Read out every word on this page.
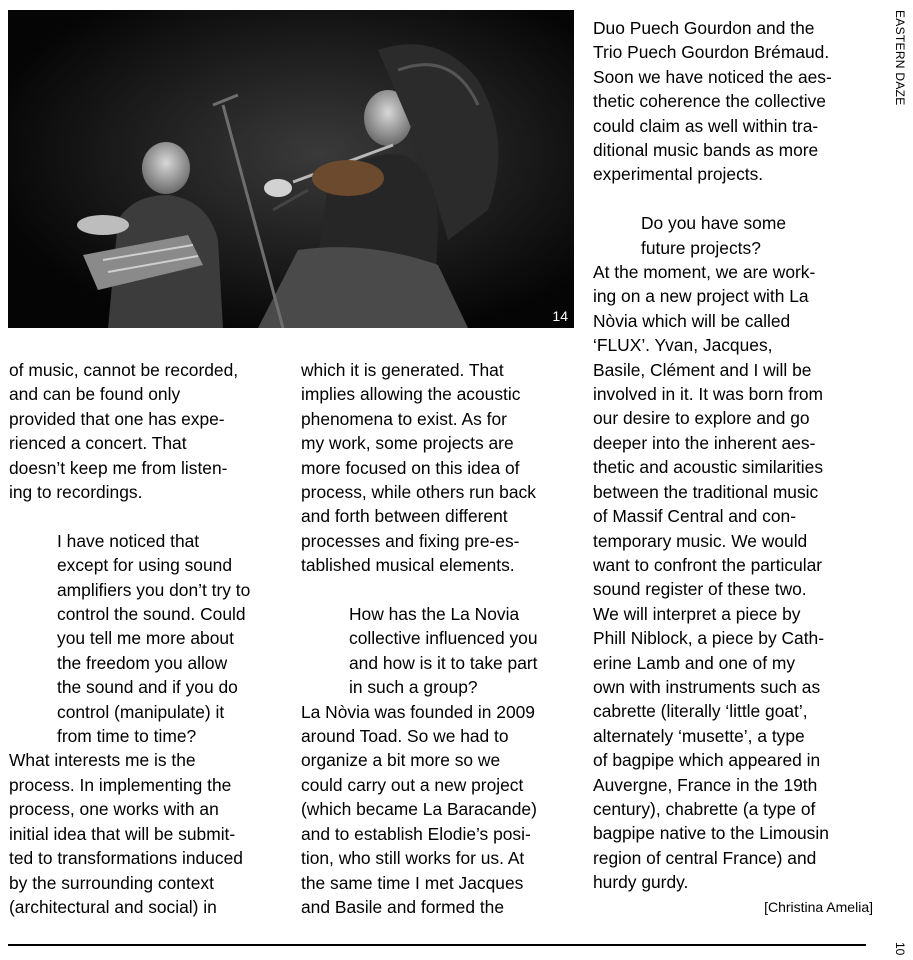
14

of music, cannot be recorded,

and can be found only

provided that one has expe-

rienced a concert. That

doesn’t keep me from listen-

ing to recordings.

I have noticed that

except for using sound

amplifiers you don’t try to

control the sound. Could

you tell me more about

the freedom you allow

the sound and if you do

control (manipulate) it

from time to time?

What interests me is the

process. In implementing the

process, one works with an

initial idea that will be submit-

ted to transformations induced

by the surrounding context

(architectural and social) in

which it is generated. That

implies allowing the acoustic

phenomena to exist. As for

my work, some projects are

more focused on this idea of

process, while others run back

and forth between different

processes and fixing pre-es-

tablished musical elements.

How has the La Novia

collective influenced you

and how is it to take part

in such a group?

La Nòvia was founded in 2009

around Toad. So we had to

organize a bit more so we

could carry out a new project

(which became La Baracande)

and to establish Elodie’s posi-

tion, who still works for us. At

the same time I met Jacques

and Basile and formed the

Duo Puech Gourdon and the

Trio Puech Gourdon Brémaud.

Soon we have noticed the aes-

thetic coherence the collective

could claim as well within tra-

ditional music bands as more

experimental projects.

Do you have some

future projects?

At the moment, we are work-

ing on a new project with La

Nòvia which will be called

‘FLUX’. Yvan, Jacques,

Basile, Clément and I will be

involved in it. It was born from

our desire to explore and go

deeper into the inherent aes-

thetic and acoustic similarities

between the traditional music

of Massif Central and con-

temporary music. We would

want to confront the particular

sound register of these two.

We will interpret a piece by

Phill Niblock, a piece by Cath-

erine Lamb and one of my

own with instruments such as

cabrette (literally ‘little goat’,

alternately ‘musette’, a type

of bagpipe which appeared in

Auvergne, France in the 19th

century), chabrette (a type of

bagpipe native to the Limousin

region of central France) and

hurdy gurdy.

[Christina Amelia]

EASTERN DAZE
10
